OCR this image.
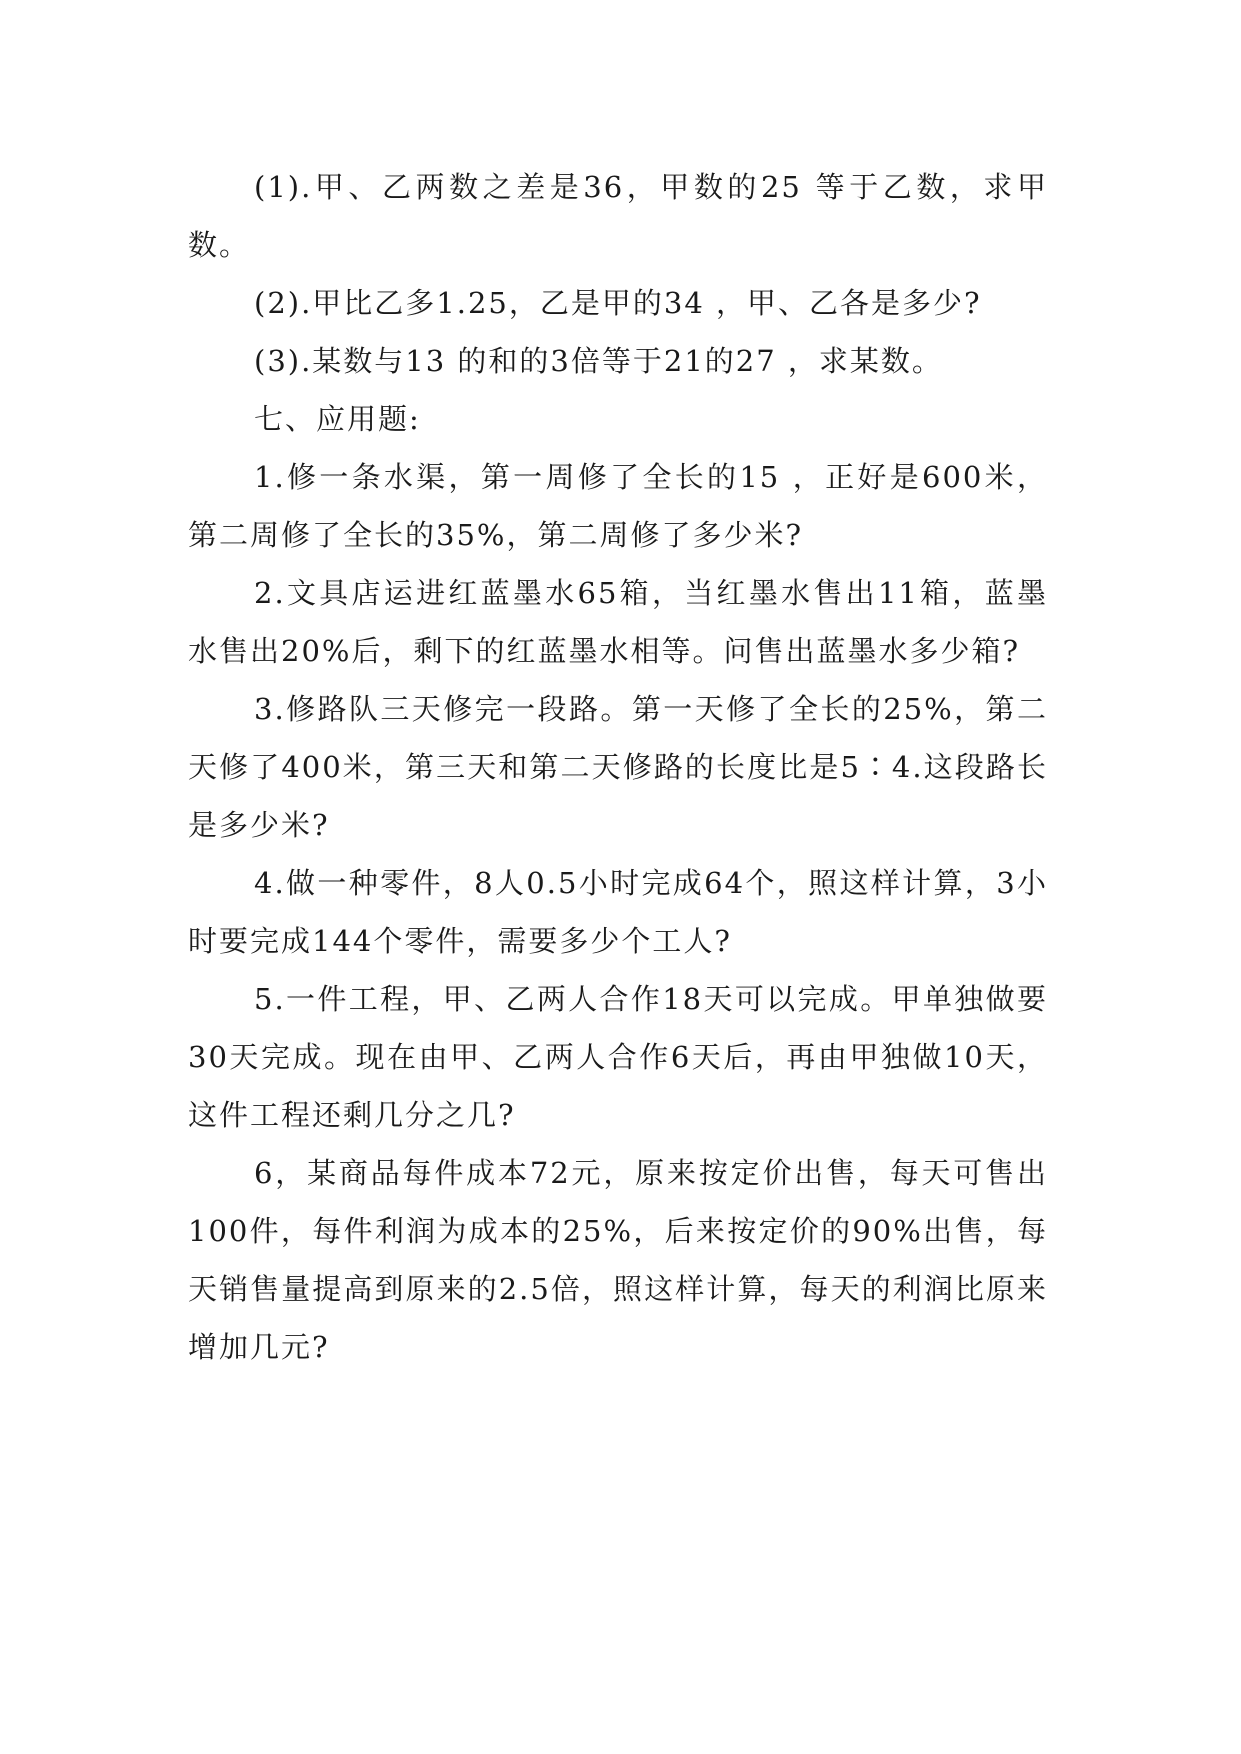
(1).甲、乙两数之差是36，甲数的25 等于乙数，求甲数。

(2).甲比乙多1.25，乙是甲的34 ，甲、乙各是多少?

(3).某数与13 的和的3倍等于21的27 ，求某数。

七、应用题:

1.修一条水渠，第一周修了全长的15 ，正好是600米，第二周修了全长的35%，第二周修了多少米?

2.文具店运进红蓝墨水65箱，当红墨水售出11箱，蓝墨水售出20%后，剩下的红蓝墨水相等。问售出蓝墨水多少箱?

3.修路队三天修完一段路。第一天修了全长的25%，第二天修了400米，第三天和第二天修路的长度比是5∶4.这段路长是多少米?

4.做一种零件，8人0.5小时完成64个，照这样计算，3小时要完成144个零件，需要多少个工人?

5.一件工程，甲、乙两人合作18天可以完成。甲单独做要30天完成。现在由甲、乙两人合作6天后，再由甲独做10天，这件工程还剩几分之几?

6，某商品每件成本72元，原来按定价出售，每天可售出100件，每件利润为成本的25%，后来按定价的90%出售，每天销售量提高到原来的2.5倍，照这样计算，每天的利润比原来增加几元?
